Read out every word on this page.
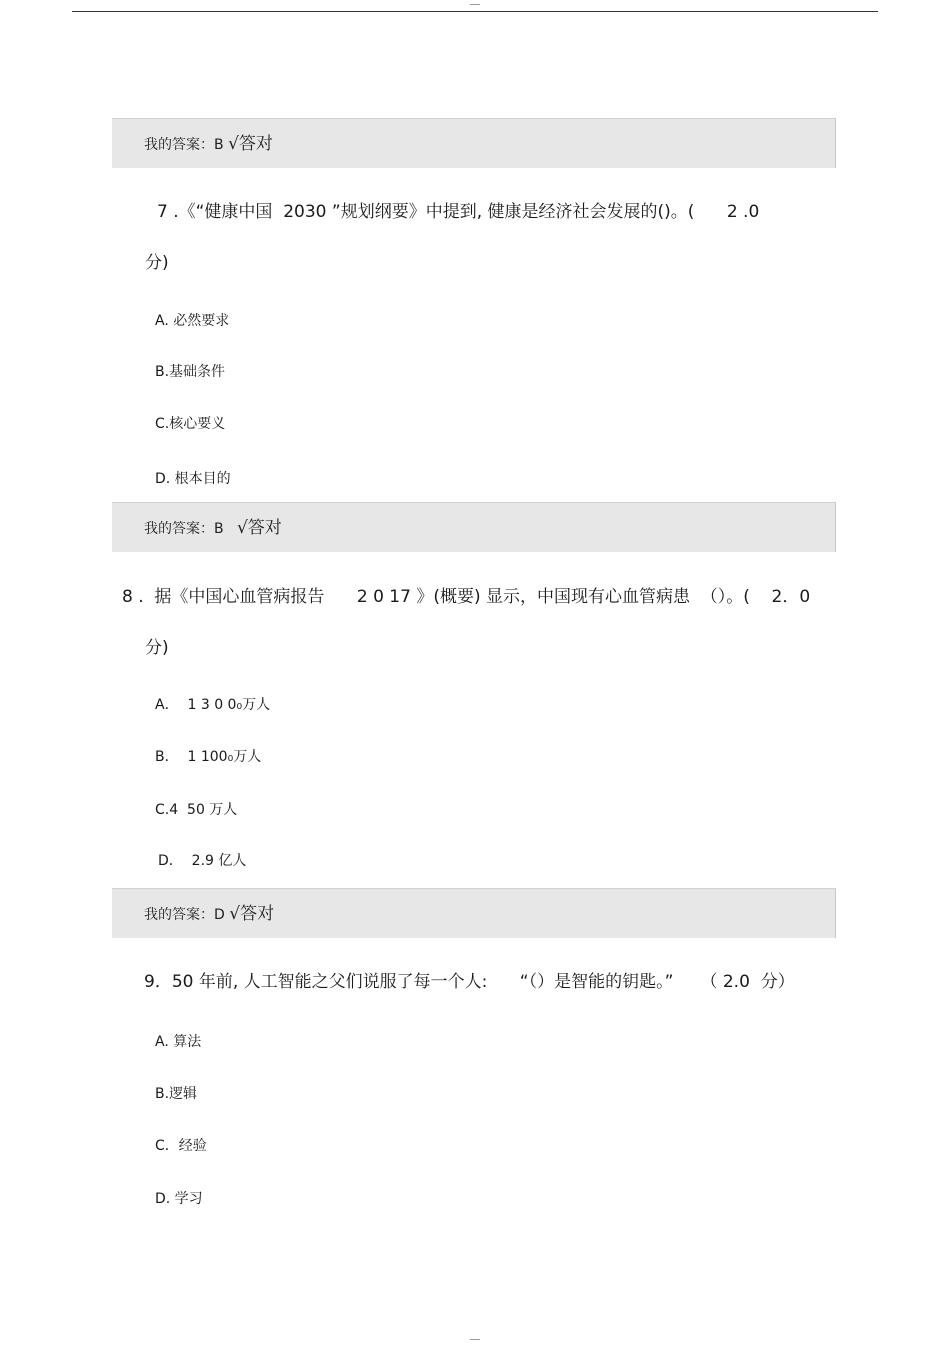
我的答案：B √答对
7 .《“健康中国  2030 ”规划纲要》中提到, 健康是经济社会发展的()。(      2 .0
分)
A. 必然要求
B.基础条件
C.核心要义
D. 根本目的
我的答案：B √答对
8 .  据《中国心血管病报告      2 0 17 》(概要) 显示，中国现有心血管病患  （）。(    2．0
分)
A．  1 3 0 0₀万人
B．  1 100₀万人
C.4  50 万人
D．  2.9 亿人
我的答案：D √答对
9．50 年前, 人工智能之父们说服了每一个人:      “（）是智能的钥匙。”     （ 2.0  分）
A. 算法
B.逻辑
C．经验
D. 学习
